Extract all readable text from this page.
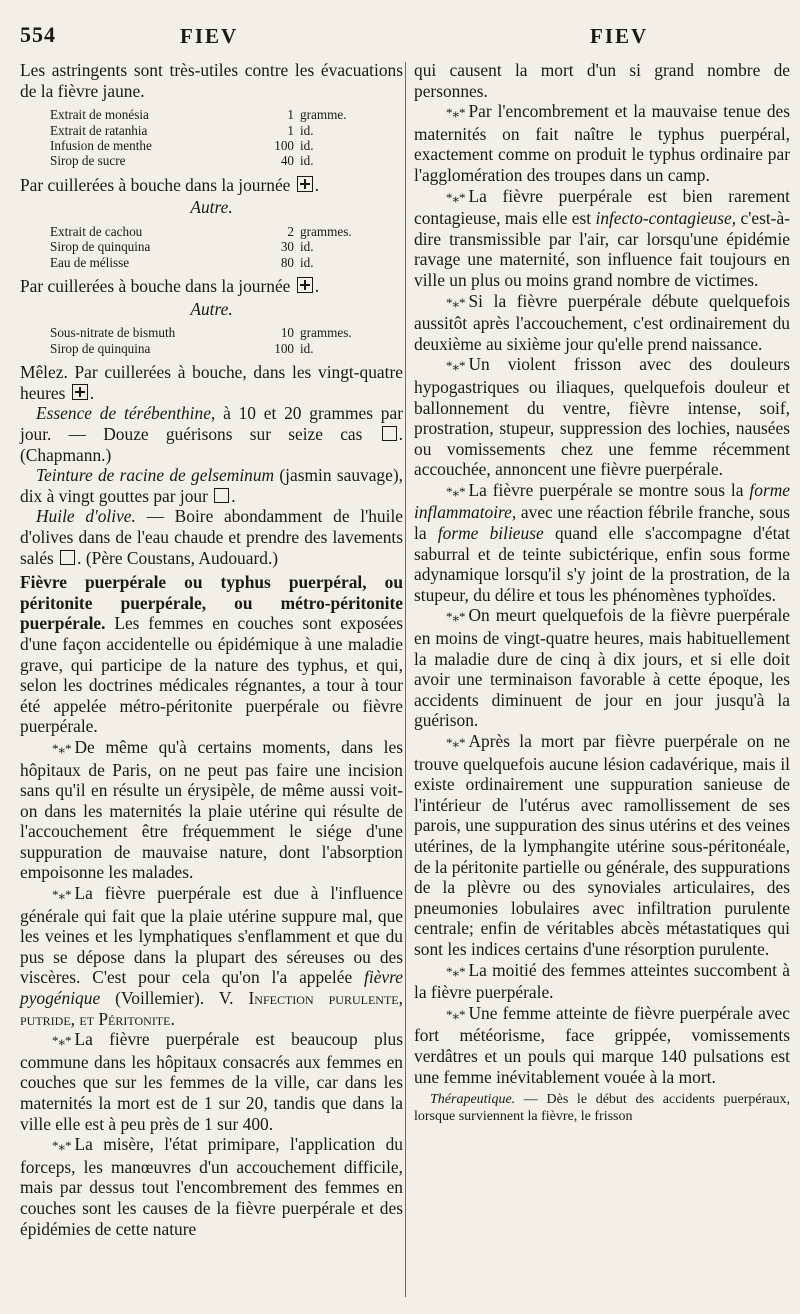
554	FIEV	FIEV

Les astringents sont très-utiles contre les évacuations de la fièvre jaune.

Extrait de monésia	1 gramme.
Extrait de ratanhia	1 id.
Infusion de menthe	100 id.
Sirop de sucre	40 id.

Par cuillerées à bouche dans la journée .

Autre.

Extrait de cachou	2 grammes.
Sirop de quinquina	30 id.
Eau de mélisse	80 id.

Par cuillerées à bouche dans la journée .

Autre.

Sous-nitrate de bismuth	10 grammes.
Sirop de quinquina	100 id.

Mêlez. Par cuillerées à bouche, dans les vingt-quatre heures .

Essence de térébenthine, à 10 et 20 grammes par jour. — Douze guérisons sur seize cas . (Chapmann.)

Teinture de racine de gelseminum (jasmin sauvage), dix à vingt gouttes par jour .

Huile d'olive. — Boire abondamment de l'huile d'olives dans de l'eau chaude et prendre des lavements salés . (Père Coustans, Audouard.)

Fièvre puerpérale ou typhus puerpéral, ou péritonite puerpérale, ou métro-péritonite puerpérale. Les femmes en couches sont exposées d'une façon accidentelle ou épidémique à une maladie grave, qui participe de la nature des typhus, et qui, selon les doctrines médicales régnantes, a tour à tour été appelée métro-péritonite puerpérale ou fièvre puerpérale.

*⁎* De même qu'à certains moments, dans les hôpitaux de Paris, on ne peut pas faire une incision sans qu'il en résulte un érysipèle, de même aussi voit-on dans les maternités la plaie utérine qui résulte de l'accouchement être fréquemment le siége d'une suppuration de mauvaise nature, dont l'absorption empoisonne les malades.

*⁎* La fièvre puerpérale est due à l'influence générale qui fait que la plaie utérine suppure mal, que les veines et les lymphatiques s'enflamment et que du pus se dépose dans la plupart des séreuses ou des viscères. C'est pour cela qu'on l'a appelée fièvre pyogénique (Voillemier). V. Infection purulente, putride, et Péritonite.

*⁎* La fièvre puerpérale est beaucoup plus commune dans les hôpitaux consacrés aux femmes en couches que sur les femmes de la ville, car dans les maternités la mort est de 1 sur 20, tandis que dans la ville elle est à peu près de 1 sur 400.

*⁎* La misère, l'état primipare, l'application du forceps, les manœuvres d'un accouchement difficile, mais par dessus tout l'encombrement des femmes en couches sont les causes de la fièvre puerpérale et des épidémies de cette nature

qui causent la mort d'un si grand nombre de personnes.

*⁎* Par l'encombrement et la mauvaise tenue des maternités on fait naître le typhus puerpéral, exactement comme on produit le typhus ordinaire par l'agglomération des troupes dans un camp.

*⁎* La fièvre puerpérale est bien rarement contagieuse, mais elle est infecto-contagieuse, c'est-à-dire transmissible par l'air, car lorsqu'une épidémie ravage une maternité, son influence fait toujours en ville un plus ou moins grand nombre de victimes.

*⁎* Si la fièvre puerpérale débute quelquefois aussitôt après l'accouchement, c'est ordinairement du deuxième au sixième jour qu'elle prend naissance.

*⁎* Un violent frisson avec des douleurs hypogastriques ou iliaques, quelquefois douleur et ballonnement du ventre, fièvre intense, soif, prostration, stupeur, suppression des lochies, nausées ou vomissements chez une femme récemment accouchée, annoncent une fièvre puerpérale.

*⁎* La fièvre puerpérale se montre sous la forme inflammatoire, avec une réaction fébrile franche, sous la forme bilieuse quand elle s'accompagne d'état saburral et de teinte subictérique, enfin sous forme adynamique lorsqu'il s'y joint de la prostration, de la stupeur, du délire et tous les phénomènes typhoïdes.

*⁎* On meurt quelquefois de la fièvre puerpérale en moins de vingt-quatre heures, mais habituellement la maladie dure de cinq à dix jours, et si elle doit avoir une terminaison favorable à cette époque, les accidents diminuent de jour en jour jusqu'à la guérison.

*⁎* Après la mort par fièvre puerpérale on ne trouve quelquefois aucune lésion cadavérique, mais il existe ordinairement une suppuration sanieuse de l'intérieur de l'utérus avec ramollissement de ses parois, une suppuration des sinus utérins et des veines utérines, de la lymphangite utérine sous-péritonéale, de la péritonite partielle ou générale, des suppurations de la plèvre ou des synoviales articulaires, des pneumonies lobulaires avec infiltration purulente centrale; enfin de véritables abcès métastatiques qui sont les indices certains d'une résorption purulente.

*⁎* La moitié des femmes atteintes succombent à la fièvre puerpérale.

*⁎* Une femme atteinte de fièvre puerpérale avec fort météorisme, face grippée, vomissements verdâtres et un pouls qui marque 140 pulsations est une femme inévitablement vouée à la mort.

Thérapeutique. — Dès le début des accidents puerpéraux, lorsque surviennent la fièvre, le frisson
